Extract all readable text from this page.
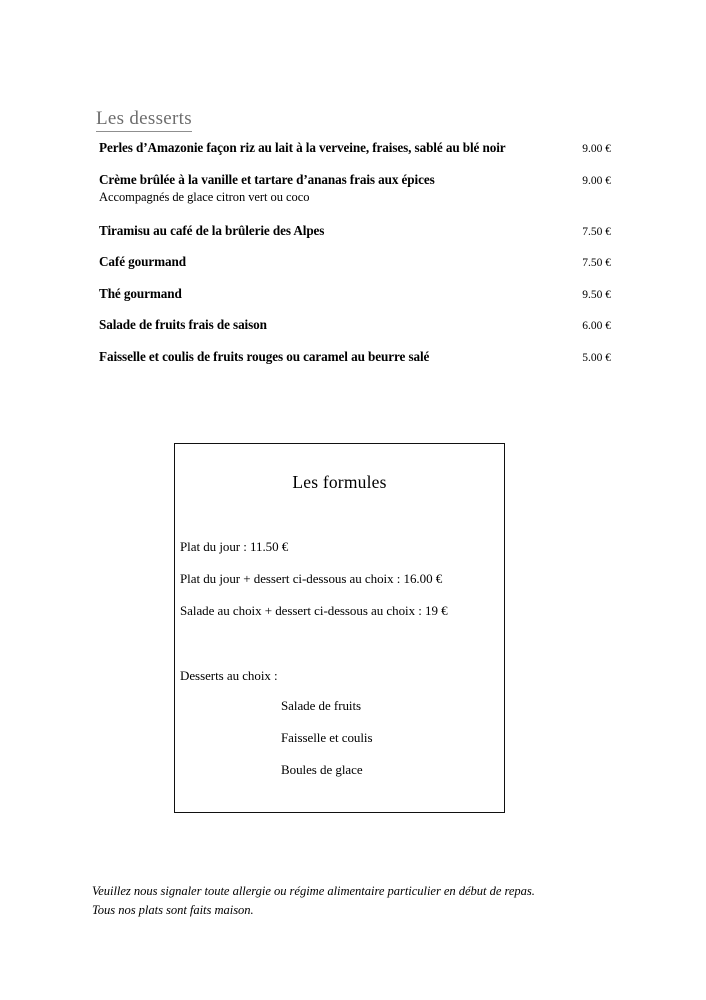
Les desserts
Perles d’Amazonie façon riz au lait à la verveine, fraises, sablé au blé noir	9.00 €
Crème brûlée à la vanille et tartare d’ananas frais aux épices	9.00 €
Accompagnés de glace citron vert ou coco
Tiramisu au café de la brûlerie des Alpes	7.50 €
Café gourmand	7.50 €
Thé gourmand	9.50 €
Salade de fruits frais de saison	6.00 €
Faisselle et coulis de fruits rouges ou caramel au beurre salé	5.00 €
Les formules
Plat du jour : 11.50 €
Plat du jour + dessert ci-dessous au choix : 16.00 €
Salade au choix + dessert ci-dessous au choix : 19 €
Desserts au choix :
Salade de fruits
Faisselle et coulis
Boules de glace
Veuillez nous signaler toute allergie ou régime alimentaire particulier en début de repas.
Tous nos plats sont faits maison.
